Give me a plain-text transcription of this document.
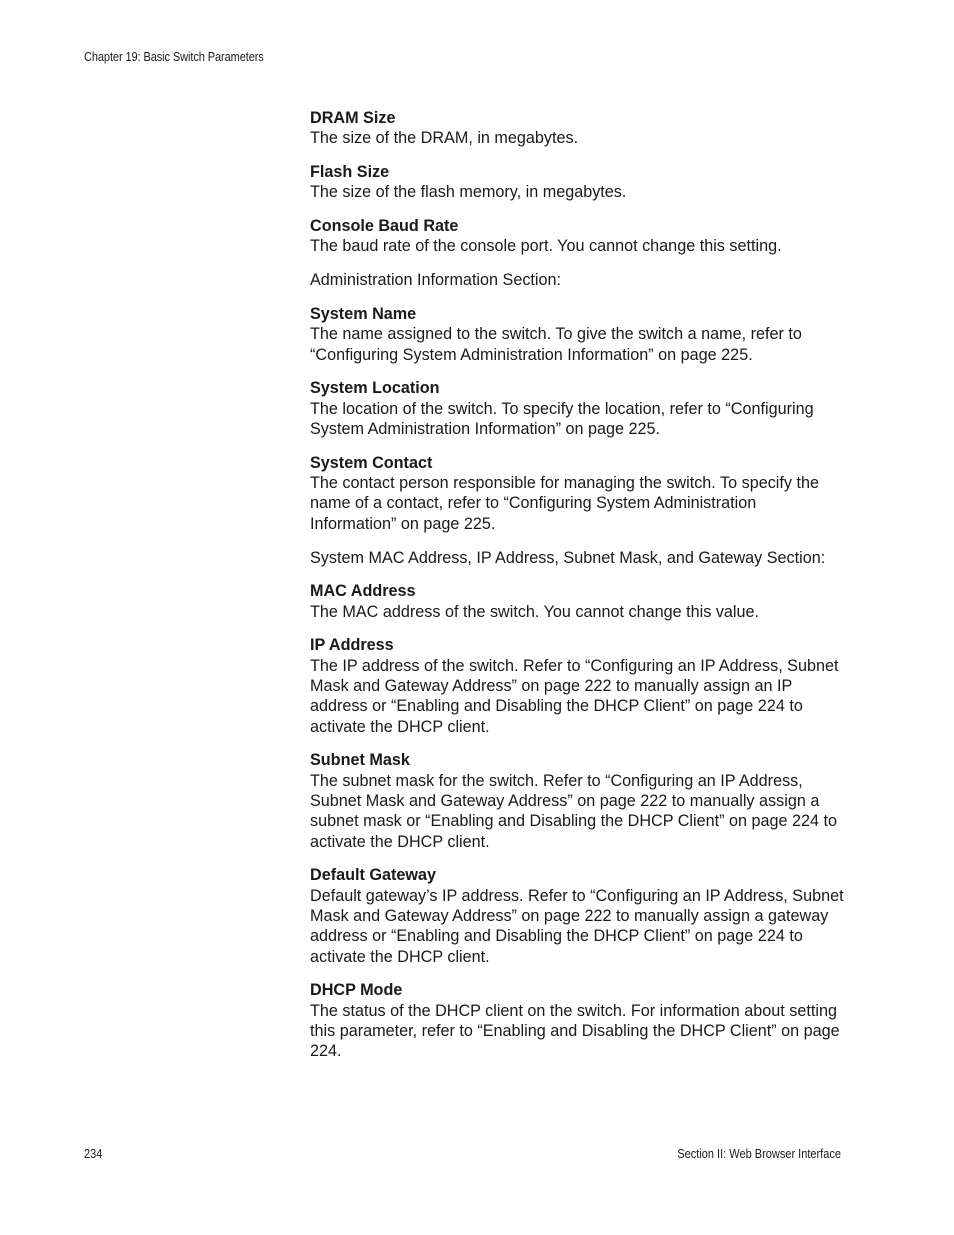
Chapter 19: Basic Switch Parameters
DRAM Size
The size of the DRAM, in megabytes.
Flash Size
The size of the flash memory, in megabytes.
Console Baud Rate
The baud rate of the console port. You cannot change this setting.
Administration Information Section:
System Name
The name assigned to the switch. To give the switch a name, refer to “Configuring System Administration Information” on page 225.
System Location
The location of the switch. To specify the location, refer to “Configuring System Administration Information” on page 225.
System Contact
The contact person responsible for managing the switch. To specify the name of a contact, refer to “Configuring System Administration Information” on page 225.
System MAC Address, IP Address, Subnet Mask, and Gateway Section:
MAC Address
The MAC address of the switch. You cannot change this value.
IP Address
The IP address of the switch. Refer to “Configuring an IP Address, Subnet Mask and Gateway Address” on page 222 to manually assign an IP address or “Enabling and Disabling the DHCP Client” on page 224 to activate the DHCP client.
Subnet Mask
The subnet mask for the switch. Refer to “Configuring an IP Address, Subnet Mask and Gateway Address” on page 222 to manually assign a subnet mask or “Enabling and Disabling the DHCP Client” on page 224 to activate the DHCP client.
Default Gateway
Default gateway’s IP address. Refer to “Configuring an IP Address, Subnet Mask and Gateway Address” on page 222 to manually assign a gateway address or “Enabling and Disabling the DHCP Client” on page 224 to activate the DHCP client.
DHCP Mode
The status of the DHCP client on the switch. For information about setting this parameter, refer to “Enabling and Disabling the DHCP Client” on page 224.
234	Section II: Web Browser Interface
